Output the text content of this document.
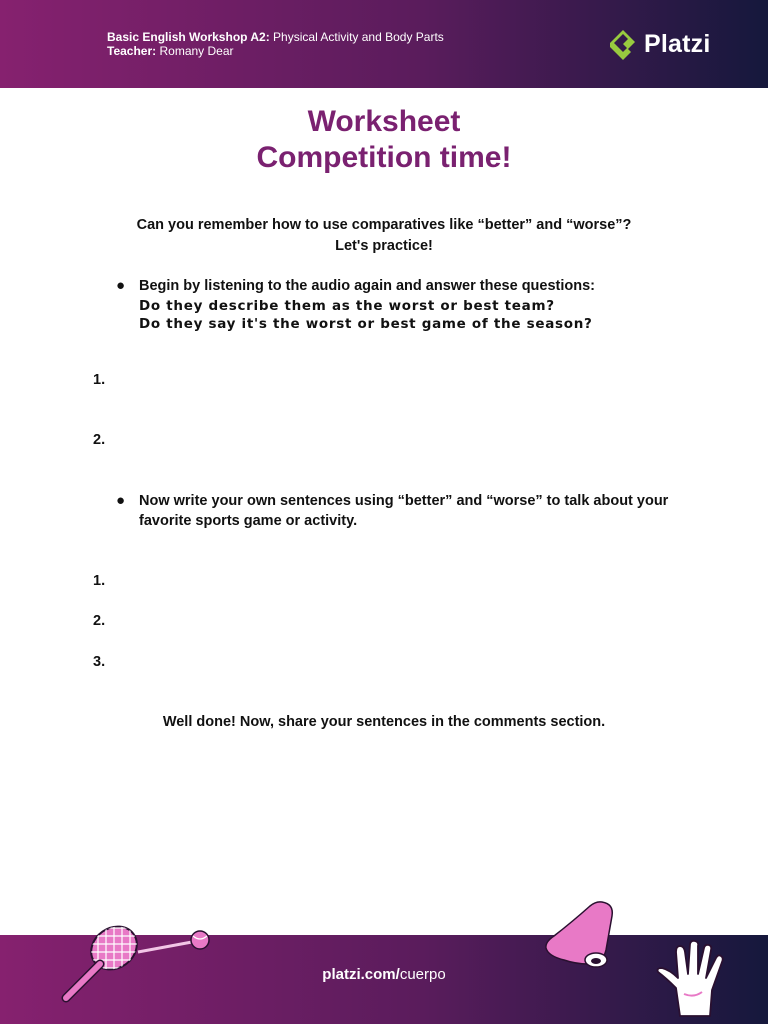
Basic English Workshop A2: Physical Activity and Body Parts
Teacher: Romany Dear	Platzi
Worksheet
Competition time!
Can you remember how to use comparatives like “better” and “worse”?
Let's practice!
● Begin by listening to the audio again and answer these questions:
Do they describe them as the worst or best team?
Do they say it's the worst or best game of the season?
1.
2.
● Now write your own sentences using “better” and “worse” to talk about your
favorite sports game or activity.
1.
2.
3.
Well done! Now, share your sentences in the comments section.
platzi.com/cuerpo
